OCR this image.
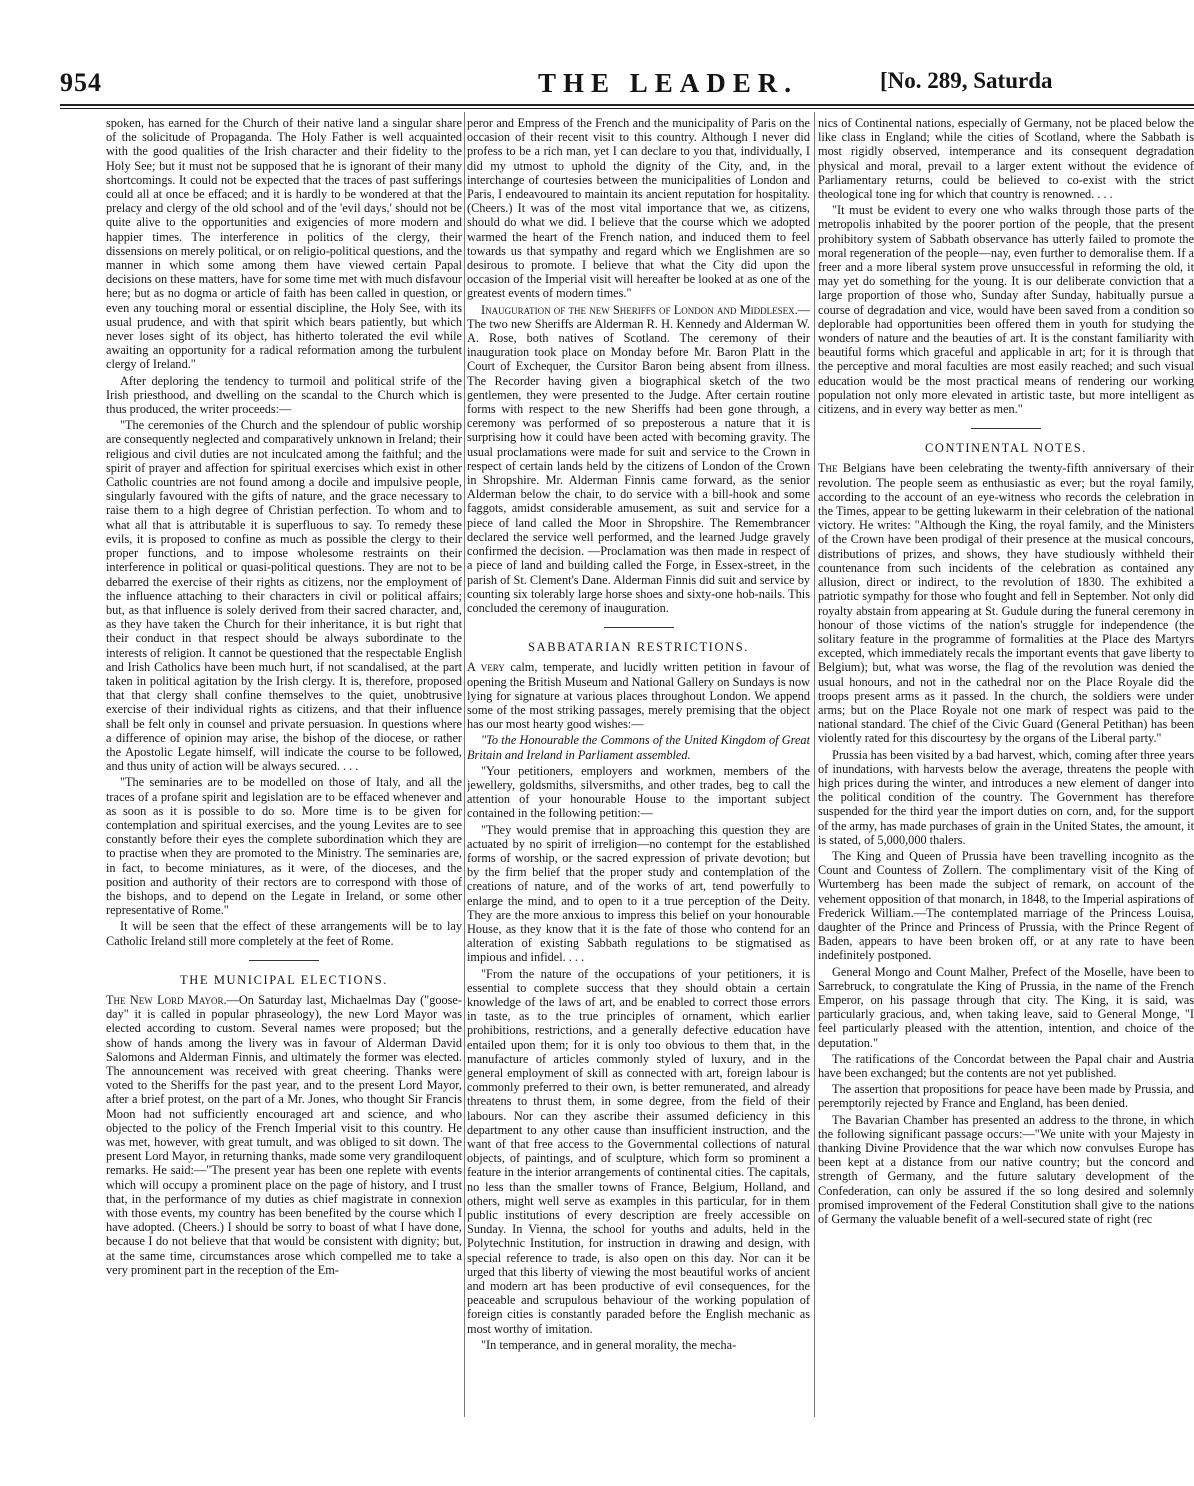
954	THE LEADER.	[No. 289, Saturda

spoken, has earned for the Church of their native land a singular share of the solicitude of Propaganda. The Holy Father is well acquainted with the good qualities of the Irish character and their fidelity to the Holy See; but it must not be supposed that he is ignorant of their many shortcomings. It could not be expected that the traces of past sufferings could all at once be effaced; and it is hardly to be wondered at that the prelacy and clergy of the old school and of the 'evil days,' should not be quite alive to the opportunities and exigencies of more modern and happier times. The interference in politics of the clergy, their dissensions on merely political, or on religio-political questions, and the manner in which some among them have viewed certain Papal decisions on these matters, have for some time met with much disfavour here; but as no dogma or article of faith has been called in question, or even any touching moral or essential discipline, the Holy See, with its usual prudence, and with that spirit which bears patiently, but which never loses sight of its object, has hitherto tolerated the evil while awaiting an opportunity for a radical reformation among the turbulent clergy of Ireland."

After deploring the tendency to turmoil and political strife of the Irish priesthood, and dwelling on the scandal to the Church which is thus produced, the writer proceeds:—

"The ceremonies of the Church and the splendour of public worship are consequently neglected and comparatively unknown in Ireland; their religious and civil duties are not inculcated among the faithful; and the spirit of prayer and affection for spiritual exercises which exist in other Catholic countries are not found among a docile and impulsive people, singularly favoured with the gifts of nature, and the grace necessary to raise them to a high degree of Christian perfection. To whom and to what all that is attributable it is superfluous to say. To remedy these evils, it is proposed to confine as much as possible the clergy to their proper functions, and to impose wholesome restraints on their interference in political or quasi-political questions. They are not to be debarred the exercise of their rights as citizens, nor the employment of the influence attaching to their characters in civil or political affairs; but, as that influence is solely derived from their sacred character, and, as they have taken the Church for their inheritance, it is but right that their conduct in that respect should be always subordinate to the interests of religion. It cannot be questioned that the respectable English and Irish Catholics have been much hurt, if not scandalised, at the part taken in political agitation by the Irish clergy. It is, therefore, proposed that that clergy shall confine themselves to the quiet, unobtrusive exercise of their individual rights as citizens, and that their influence shall be felt only in counsel and private persuasion. In questions where a difference of opinion may arise, the bishop of the diocese, or rather the Apostolic Legate himself, will indicate the course to be followed, and thus unity of action will be always secured. . . .

"The seminaries are to be modelled on those of Italy, and all the traces of a profane spirit and legislation are to be effaced whenever and as soon as it is possible to do so. More time is to be given for contemplation and spiritual exercises, and the young Levites are to see constantly before their eyes the complete subordination which they are to practise when they are promoted to the Ministry. The seminaries are, in fact, to become miniatures, as it were, of the dioceses, and the position and authority of their rectors are to correspond with those of the bishops, and to depend on the Legate in Ireland, or some other representative of Rome."

It will be seen that the effect of these arrangements will be to lay Catholic Ireland still more completely at the feet of Rome.

THE MUNICIPAL ELECTIONS.

The New Lord Mayor.—On Saturday last, Michaelmas Day ("goose-day" it is called in popular phraseology), the new Lord Mayor was elected according to custom. Several names were proposed; but the show of hands among the livery was in favour of Alderman David Salomons and Alderman Finnis, and ultimately the former was elected. The announcement was received with great cheering. Thanks were voted to the Sheriffs for the past year, and to the present Lord Mayor, after a brief protest, on the part of a Mr. Jones, who thought Sir Francis Moon had not sufficiently encouraged art and science, and who objected to the policy of the French Imperial visit to this country. He was met, however, with great tumult, and was obliged to sit down. The present Lord Mayor, in returning thanks, made some very grandiloquent remarks. He said:—"The present year has been one replete with events which will occupy a prominent place on the page of history, and I trust that, in the performance of my duties as chief magistrate in connexion with those events, my country has been benefited by the course which I have adopted. (Cheers.) I should be sorry to boast of what I have done, because I do not believe that that would be consistent with dignity; but, at the same time, circumstances arose which compelled me to take a very prominent part in the reception of the Em-

peror and Empress of the French and the municipality of Paris on the occasion of their recent visit to this country. Although I never did profess to be a rich man, yet I can declare to you that, individually, I did my utmost to uphold the dignity of the City, and, in the interchange of courtesies between the municipalities of London and Paris, I endeavoured to maintain its ancient reputation for hospitality. (Cheers.) It was of the most vital importance that we, as citizens, should do what we did. I believe that the course which we adopted warmed the heart of the French nation, and induced them to feel towards us that sympathy and regard which we Englishmen are so desirous to promote. I believe that what the City did upon the occasion of the Imperial visit will hereafter be looked at as one of the greatest events of modern times."

Inauguration of the new Sheriffs of London and Middlesex.—The two new Sheriffs are Alderman R. H. Kennedy and Alderman W. A. Rose, both natives of Scotland. The ceremony of their inauguration took place on Monday before Mr. Baron Platt in the Court of Exchequer, the Cursitor Baron being absent from illness. The Recorder having given a biographical sketch of the two gentlemen, they were presented to the Judge. After certain routine forms with respect to the new Sheriffs had been gone through, a ceremony was performed of so preposterous a nature that it is surprising how it could have been acted with becoming gravity. The usual proclamations were made for suit and service to the Crown in respect of certain lands held by the citizens of London of the Crown in Shropshire. Mr. Alderman Finnis came forward, as the senior Alderman below the chair, to do service with a bill-hook and some faggots, amidst considerable amusement, as suit and service for a piece of land called the Moor in Shropshire. The Remembrancer declared the service well performed, and the learned Judge gravely confirmed the decision. —Proclamation was then made in respect of a piece of land and building called the Forge, in Essex-street, in the parish of St. Clement's Dane. Alderman Finnis did suit and service by counting six tolerably large horse shoes and sixty-one hob-nails. This concluded the ceremony of inauguration.

SABBATARIAN RESTRICTIONS.

A very calm, temperate, and lucidly written petition in favour of opening the British Museum and National Gallery on Sundays is now lying for signature at various places throughout London. We append some of the most striking passages, merely premising that the object has our most hearty good wishes:—

"To the Honourable the Commons of the United Kingdom of Great Britain and Ireland in Parliament assembled.

"Your petitioners, employers and workmen, members of the jewellery, goldsmiths, silversmiths, and other trades, beg to call the attention of your honourable House to the important subject contained in the following petition:—

"They would premise that in approaching this question they are actuated by no spirit of irreligion—no contempt for the established forms of worship, or the sacred expression of private devotion; but by the firm belief that the proper study and contemplation of the creations of nature, and of the works of art, tend powerfully to enlarge the mind, and to open to it a true perception of the Deity. They are the more anxious to impress this belief on your honourable House, as they know that it is the fate of those who contend for an alteration of existing Sabbath regulations to be stigmatised as impious and infidel. . . .

"From the nature of the occupations of your petitioners, it is essential to complete success that they should obtain a certain knowledge of the laws of art, and be enabled to correct those errors in taste, as to the true principles of ornament, which earlier prohibitions, restrictions, and a generally defective education have entailed upon them; for it is only too obvious to them that, in the manufacture of articles commonly styled of luxury, and in the general employment of skill as connected with art, foreign labour is commonly preferred to their own, is better remunerated, and already threatens to thrust them, in some degree, from the field of their labours. Nor can they ascribe their assumed deficiency in this department to any other cause than insufficient instruction, and the want of that free access to the Governmental collections of natural objects, of paintings, and of sculpture, which form so prominent a feature in the interior arrangements of continental cities. The capitals, no less than the smaller towns of France, Belgium, Holland, and others, might well serve as examples in this particular, for in them public institutions of every description are freely accessible on Sunday. In Vienna, the school for youths and adults, held in the Polytechnic Institution, for instruction in drawing and design, with special reference to trade, is also open on this day. Nor can it be urged that this liberty of viewing the most beautiful works of ancient and modern art has been productive of evil consequences, for the peaceable and scrupulous behaviour of the working population of foreign cities is constantly paraded before the English mechanic as most worthy of imitation.

"In temperance, and in general morality, the mecha-

nics of Continental nations, especially of Germany, not be placed below the like class in England; while the cities of Scotland, where the Sabbath is most rigidly observed, intemperance and its consequent degradation physical and moral, prevail to a larger extent without the evidence of Parliamentary returns, could be believed to co-exist with the strict theological tone ing for which that country is renowned. . . .

"It must be evident to every one who walks through those parts of the metropolis inhabited by the poorer portion of the people, that the present prohibitory system of Sabbath observance has utterly failed to promote the moral regeneration of the people—nay, even further to demoralise them. If a freer and a more liberal system prove unsuccessful in reforming the old, it may yet do something for the young. It is our deliberate conviction that a large proportion of those who, Sunday after Sunday, habitually pursue a course of degradation and vice, would have been saved from a condition so deplorable had opportunities been offered them in youth for studying the wonders of nature and the beauties of art. It is the constant familiarity with beautiful forms which graceful and applicable in art; for it is through that the perceptive and moral faculties are most easily reached; and such visual education would be the most practical means of rendering our working population not only more elevated in artistic taste, but more intelligent as citizens, and in every way better as men."

CONTINENTAL NOTES.

The Belgians have been celebrating the twenty-fifth anniversary of their revolution. The people seem as enthusiastic as ever; but the royal family, according to the account of an eye-witness who records the celebration in the Times, appear to be getting lukewarm in their celebration of the national victory. He writes: "Although the King, the royal family, and the Ministers of the Crown have been prodigal of their presence at the musical concours, distributions of prizes, and shows, they have studiously withheld their countenance from such incidents of the celebration as contained any allusion, direct or indirect, to the revolution of 1830. The exhibited a patriotic sympathy for those who fought and fell in September. Not only did royalty abstain from appearing at St. Gudule during the funeral ceremony in honour of those victims of the nation's struggle for independence (the solitary feature in the programme of formalities at the Place des Martyrs excepted, which immediately recals the important events that gave liberty to Belgium); but, what was worse, the flag of the revolution was denied the usual honours, and not in the cathedral nor on the Place Royale did the troops present arms as it passed. In the church, the soldiers were under arms; but on the Place Royale not one mark of respect was paid to the national standard. The chief of the Civic Guard (General Petithan) has been violently rated for this discourtesy by the organs of the Liberal party."

Prussia has been visited by a bad harvest, which, coming after three years of inundations, with harvests below the average, threatens the people with high prices during the winter, and introduces a new element of danger into the political condition of the country. The Government has therefore suspended for the third year the import duties on corn, and, for the support of the army, has made purchases of grain in the United States, the amount, it is stated, of 5,000,000 thalers.

The King and Queen of Prussia have been travelling incognito as the Count and Countess of Zollern. The complimentary visit of the King of Wurtemberg has been made the subject of remark, on account of the vehement opposition of that monarch, in 1848, to the Imperial aspirations of Frederick William.—The contemplated marriage of the Princess Louisa, daughter of the Prince and Princess of Prussia, with the Prince Regent of Baden, appears to have been broken off, or at any rate to have been indefinitely postponed.

General Mongo and Count Malher, Prefect of the Moselle, have been to Sarrebruck, to congratulate the King of Prussia, in the name of the French Emperor, on his passage through that city. The King, it is said, was particularly gracious, and, when taking leave, said to General Monge, "I feel particularly pleased with the attention, intention, and choice of the deputation."

The ratifications of the Concordat between the Papal chair and Austria have been exchanged; but the contents are not yet published.

The assertion that propositions for peace have been made by Prussia, and peremptorily rejected by France and England, has been denied.

The Bavarian Chamber has presented an address to the throne, in which the following significant passage occurs:—"We unite with your Majesty in thanking Divine Providence that the war which now convulses Europe has been kept at a distance from our native country; but the concord and strength of Germany, and the future salutary development of the Confederation, can only be assured if the so long desired and solemnly promised improvement of the Federal Constitution shall give to the nations of Germany the valuable benefit of a well-secured state of right (rec
